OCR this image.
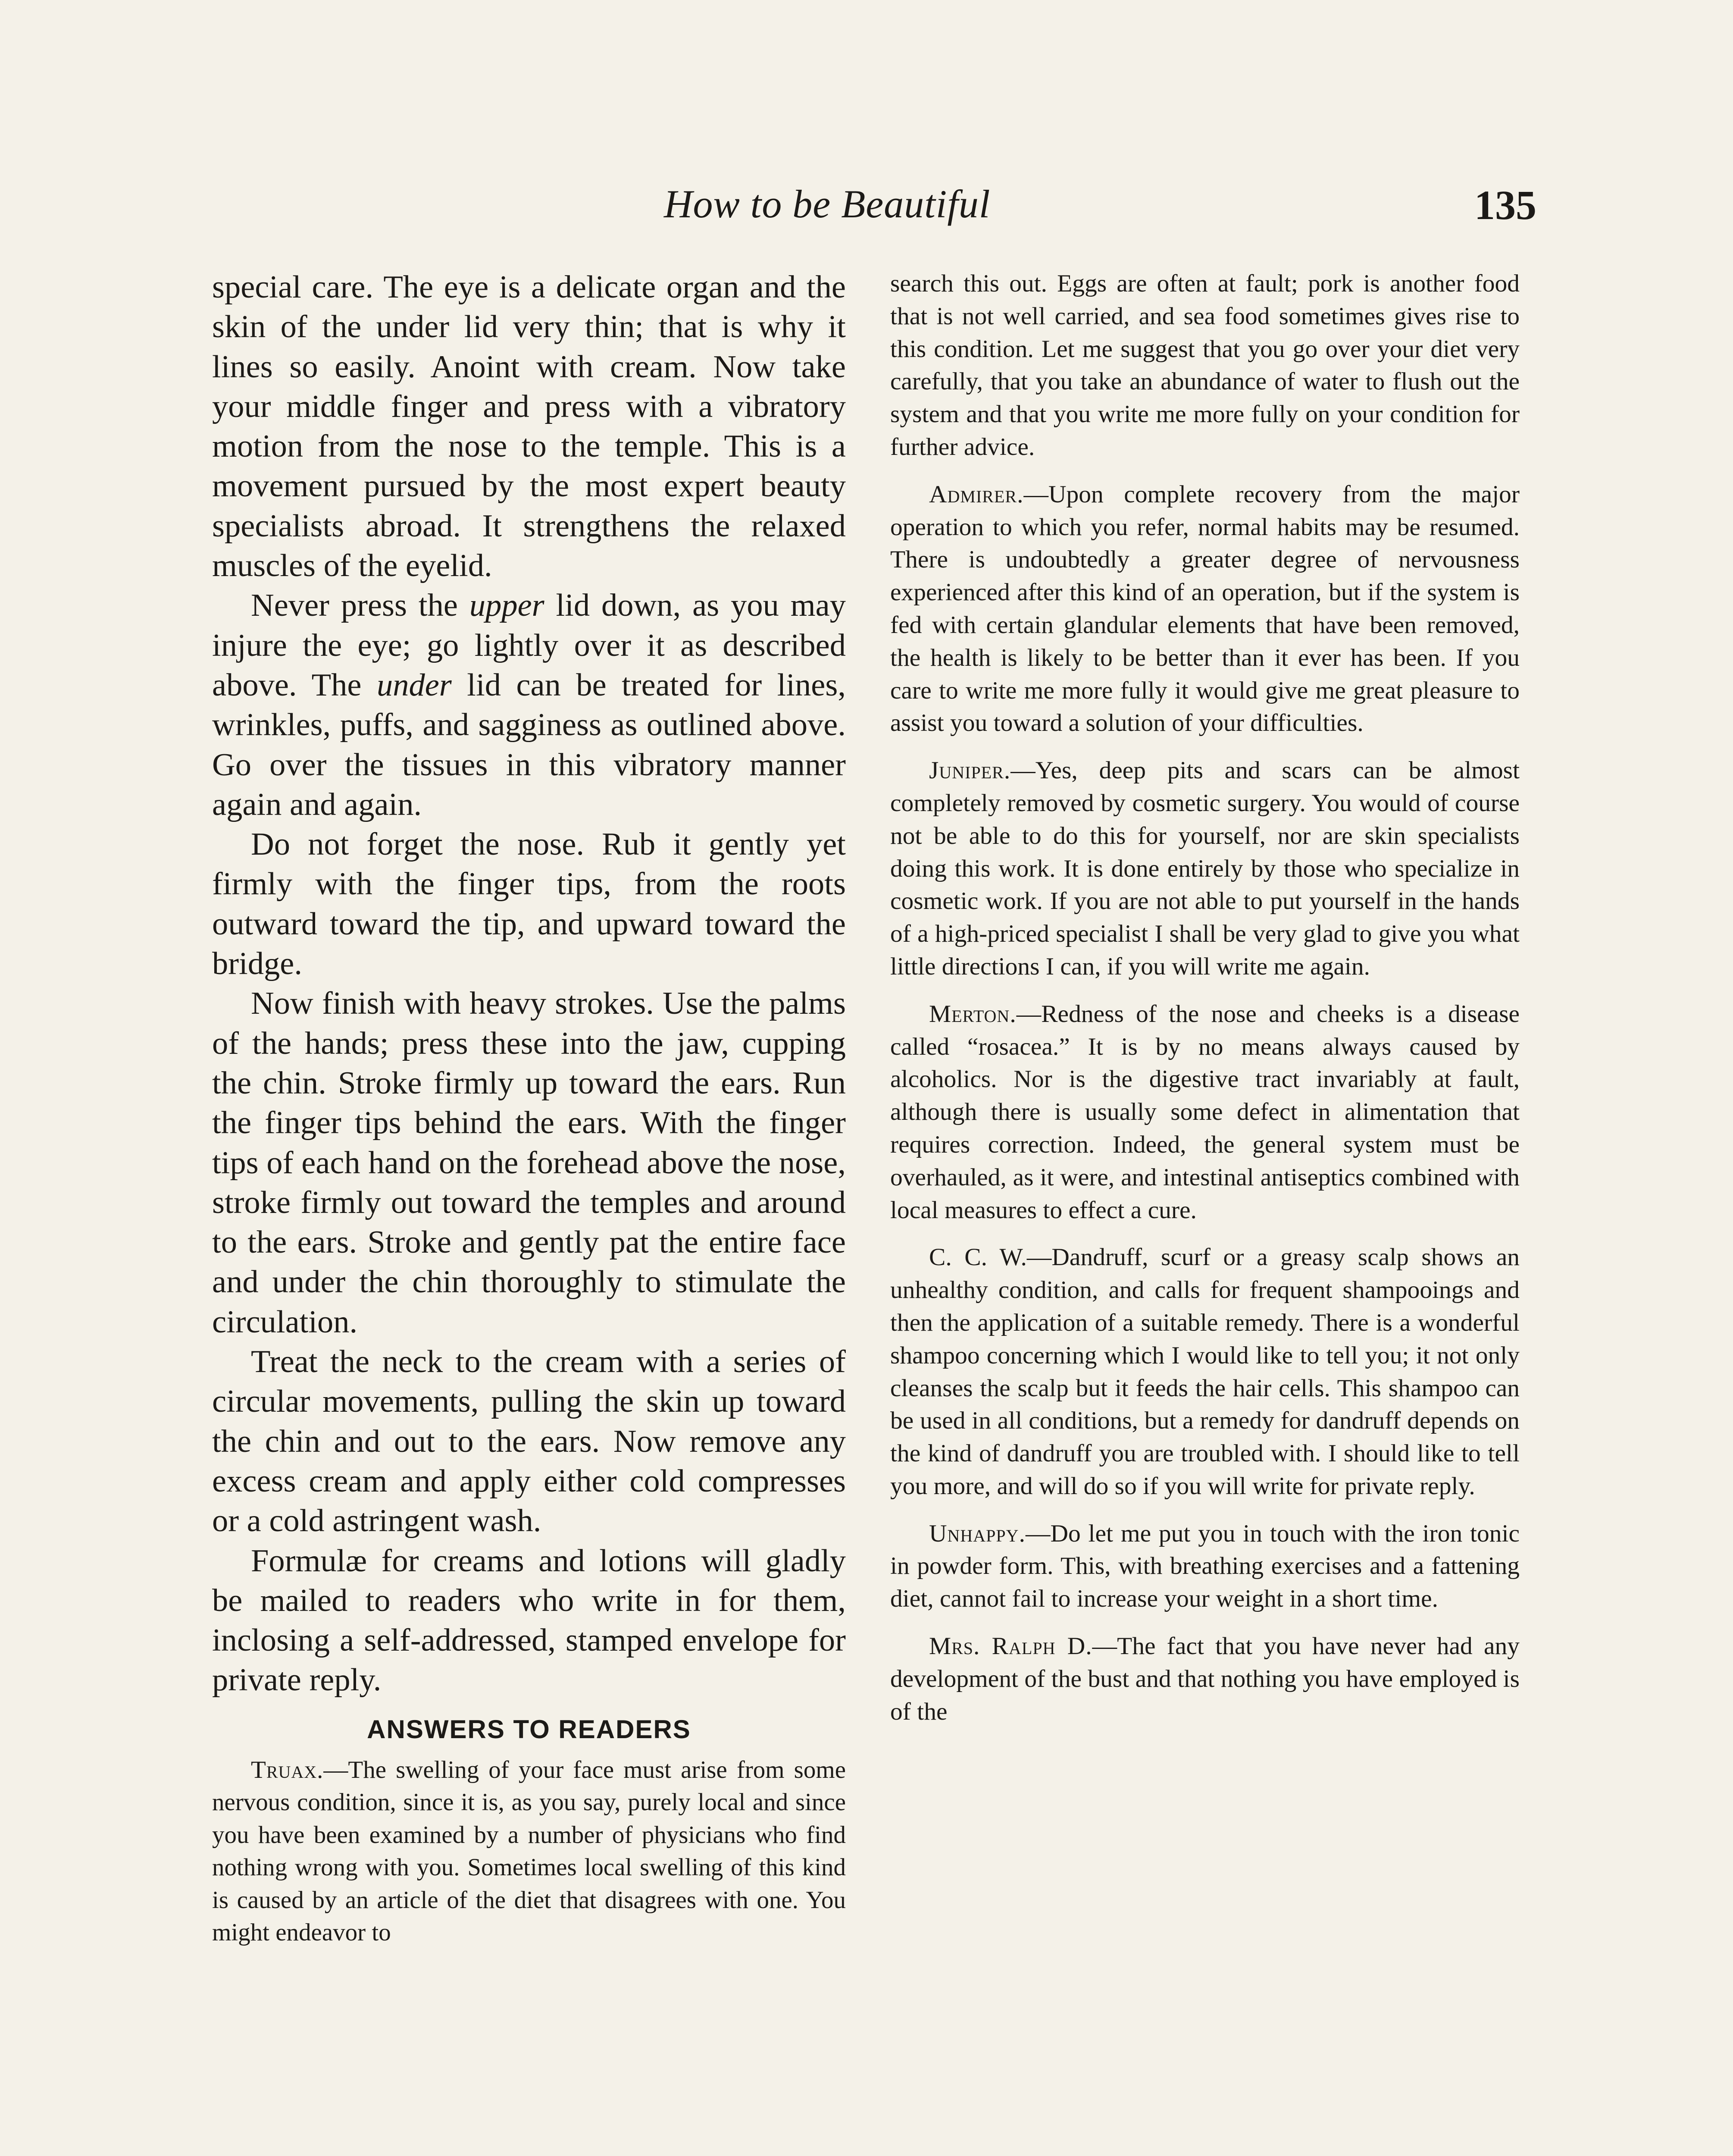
How to be Beautiful	135

special care. The eye is a delicate organ and the skin of the under lid very thin; that is why it lines so easily. Anoint with cream. Now take your middle finger and press with a vibratory motion from the nose to the temple. This is a movement pursued by the most expert beauty specialists abroad. It strengthens the relaxed muscles of the eyelid.

Never press the upper lid down, as you may injure the eye; go lightly over it as described above. The under lid can be treated for lines, wrinkles, puffs, and sagginess as outlined above. Go over the tissues in this vibratory manner again and again.

Do not forget the nose. Rub it gently yet firmly with the finger tips, from the roots outward toward the tip, and upward toward the bridge.

Now finish with heavy strokes. Use the palms of the hands; press these into the jaw, cupping the chin. Stroke firmly up toward the ears. Run the finger tips behind the ears. With the finger tips of each hand on the forehead above the nose, stroke firmly out toward the temples and around to the ears. Stroke and gently pat the entire face and under the chin thoroughly to stimulate the circulation.

Treat the neck to the cream with a series of circular movements, pulling the skin up toward the chin and out to the ears. Now remove any excess cream and apply either cold compresses or a cold astringent wash.

Formulæ for creams and lotions will gladly be mailed to readers who write in for them, inclosing a self-addressed, stamped envelope for private reply.

ANSWERS TO READERS

Truax.—The swelling of your face must arise from some nervous condition, since it is, as you say, purely local and since you have been examined by a number of physicians who find nothing wrong with you. Sometimes local swelling of this kind is caused by an article of the diet that disagrees with one. You might endeavor to

search this out. Eggs are often at fault; pork is another food that is not well carried, and sea food sometimes gives rise to this condition. Let me suggest that you go over your diet very carefully, that you take an abundance of water to flush out the system and that you write me more fully on your condition for further advice.

Admirer.—Upon complete recovery from the major operation to which you refer, normal habits may be resumed. There is undoubtedly a greater degree of nervousness experienced after this kind of an operation, but if the system is fed with certain glandular elements that have been removed, the health is likely to be better than it ever has been. If you care to write me more fully it would give me great pleasure to assist you toward a solution of your difficulties.

Juniper.—Yes, deep pits and scars can be almost completely removed by cosmetic surgery. You would of course not be able to do this for yourself, nor are skin specialists doing this work. It is done entirely by those who specialize in cosmetic work. If you are not able to put yourself in the hands of a high-priced specialist I shall be very glad to give you what little directions I can, if you will write me again.

Merton.—Redness of the nose and cheeks is a disease called “rosacea.” It is by no means always caused by alcoholics. Nor is the digestive tract invariably at fault, although there is usually some defect in alimentation that requires correction. Indeed, the general system must be overhauled, as it were, and intestinal antiseptics combined with local measures to effect a cure.

C. C. W.—Dandruff, scurf or a greasy scalp shows an unhealthy condition, and calls for frequent shampooings and then the application of a suitable remedy. There is a wonderful shampoo concerning which I would like to tell you; it not only cleanses the scalp but it feeds the hair cells. This shampoo can be used in all conditions, but a remedy for dandruff depends on the kind of dandruff you are troubled with. I should like to tell you more, and will do so if you will write for private reply.

Unhappy.—Do let me put you in touch with the iron tonic in powder form. This, with breathing exercises and a fattening diet, cannot fail to increase your weight in a short time.

Mrs. Ralph D.—The fact that you have never had any development of the bust and that nothing you have employed is of the
